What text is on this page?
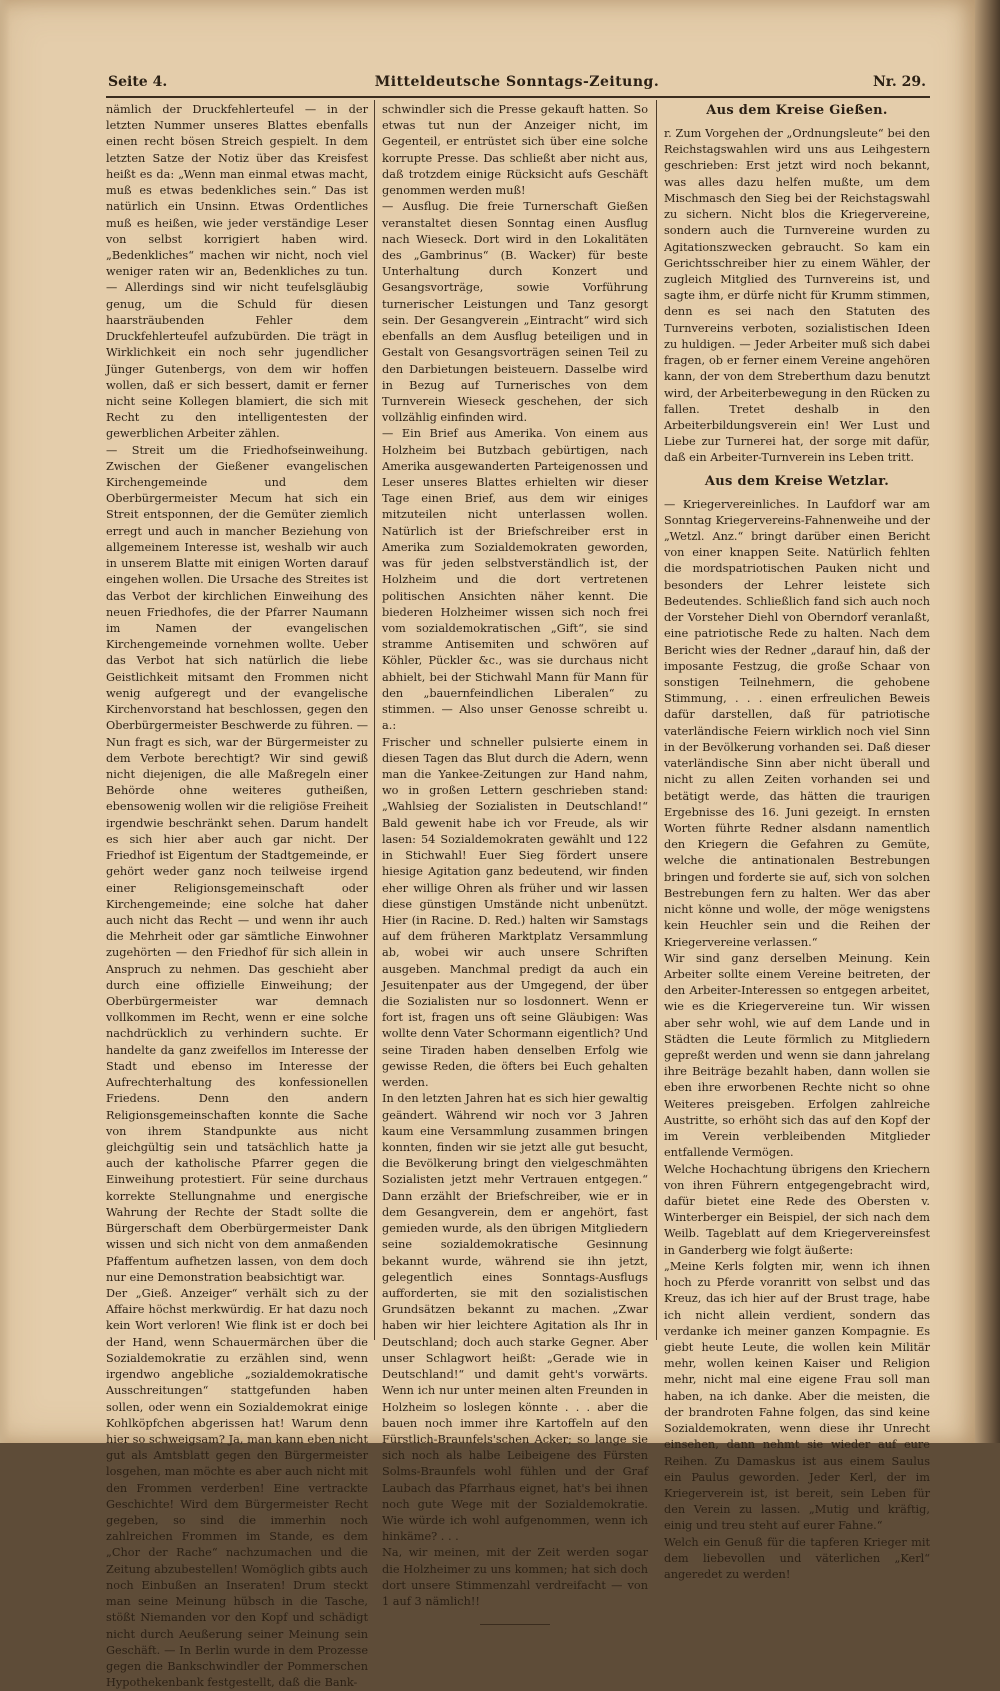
Seite 4.	Mitteldeutsche Sonntags-Zeitung.	Nr. 29.

nämlich der Druckfehlerteufel — in der letzten Nummer unseres Blattes ebenfalls einen recht bösen Streich gespielt. In dem letzten Satze der Notiz über das Kreisfest heißt es da: „Wenn man einmal etwas macht, muß es etwas bedenkliches sein.“ Das ist natürlich ein Unsinn. Etwas Ordentliches muß es heißen, wie jeder verständige Leser von selbst korrigiert haben wird. „Bedenkliches“ machen wir nicht, noch viel weniger raten wir an, Bedenkliches zu tun. — Allerdings sind wir nicht teufelsgläubig genug, um die Schuld für diesen haarsträubenden Fehler dem Druckfehlerteufel aufzubürden. Die trägt in Wirklichkeit ein noch sehr jugendlicher Jünger Gutenbergs, von dem wir hoffen wollen, daß er sich bessert, damit er ferner nicht seine Kollegen blamiert, die sich mit Recht zu den intelligentesten der gewerblichen Arbeiter zählen.

— Streit um die Friedhofseinweihung. Zwischen der Gießener evangelischen Kirchengemeinde und dem Oberbürgermeister Mecum hat sich ein Streit entsponnen, der die Gemüter ziemlich erregt und auch in mancher Beziehung von allgemeinem Interesse ist, weshalb wir auch in unserem Blatte mit einigen Worten darauf eingehen wollen. Die Ursache des Streites ist das Verbot der kirchlichen Einweihung des neuen Friedhofes, die der Pfarrer Naumann im Namen der evangelischen Kirchengemeinde vornehmen wollte. Ueber das Verbot hat sich natürlich die liebe Geistlichkeit mitsamt den Frommen nicht wenig aufgeregt und der evangelische Kirchenvorstand hat beschlossen, gegen den Oberbürgermeister Beschwerde zu führen. — Nun fragt es sich, war der Bürgermeister zu dem Verbote berechtigt? Wir sind gewiß nicht diejenigen, die alle Maßregeln einer Behörde ohne weiteres gutheißen, ebensowenig wollen wir die religiöse Freiheit irgendwie beschränkt sehen. Darum handelt es sich hier aber auch gar nicht. Der Friedhof ist Eigentum der Stadtgemeinde, er gehört weder ganz noch teilweise irgend einer Religionsgemeinschaft oder Kirchengemeinde; eine solche hat daher auch nicht das Recht — und wenn ihr auch die Mehrheit oder gar sämtliche Einwohner zugehörten — den Friedhof für sich allein in Anspruch zu nehmen. Das geschieht aber durch eine offizielle Einweihung; der Oberbürgermeister war demnach vollkommen im Recht, wenn er eine solche nachdrücklich zu verhindern suchte. Er handelte da ganz zweifellos im Interesse der Stadt und ebenso im Interesse der Aufrechterhaltung des konfessionellen Friedens. Denn den andern Religionsgemeinschaften konnte die Sache von ihrem Standpunkte aus nicht gleichgültig sein und tatsächlich hatte ja auch der katholische Pfarrer gegen die Einweihung protestiert. Für seine durchaus korrekte Stellungnahme und energische Wahrung der Rechte der Stadt sollte die Bürgerschaft dem Oberbürgermeister Dank wissen und sich nicht von dem anmaßenden Pfaffentum aufhetzen lassen, von dem doch nur eine Demonstration beabsichtigt war.

Der „Gieß. Anzeiger“ verhält sich zu der Affaire höchst merkwürdig. Er hat dazu noch kein Wort verloren! Wie flink ist er doch bei der Hand, wenn Schauermärchen über die Sozialdemokratie zu erzählen sind, wenn irgendwo angebliche „sozialdemokratische Ausschreitungen“ stattgefunden haben sollen, oder wenn ein Sozialdemokrat einige Kohlköpfchen abgerissen hat! Warum denn hier so schweigsam? Ja, man kann eben nicht gut als Amtsblatt gegen den Bürgermeister losgehen, man möchte es aber auch nicht mit den Frommen verderben! Eine vertrackte Geschichte! Wird dem Bürgermeister Recht gegeben, so sind die immerhin noch zahlreichen Frommen im Stande, es dem „Chor der Rache“ nachzumachen und die Zeitung abzubestellen! Womöglich gibts auch noch Einbußen an Inseraten! Drum steckt man seine Meinung hübsch in die Tasche, stößt Niemanden vor den Kopf und schädigt nicht durch Aeußerung seiner Meinung sein Geschäft. — In Berlin wurde in dem Prozesse gegen die Bankschwindler der Pommerschen Hypothekenbank festgestellt, daß die Bank-

schwindler sich die Presse gekauft hatten. So etwas tut nun der Anzeiger nicht, im Gegenteil, er entrüstet sich über eine solche korrupte Presse. Das schließt aber nicht aus, daß trotzdem einige Rücksicht aufs Geschäft genommen werden muß!

— Ausflug. Die freie Turnerschaft Gießen veranstaltet diesen Sonntag einen Ausflug nach Wieseck. Dort wird in den Lokalitäten des „Gambrinus“ (B. Wacker) für beste Unterhaltung durch Konzert und Gesangsvorträge, sowie Vorführung turnerischer Leistungen und Tanz gesorgt sein. Der Gesangverein „Eintracht“ wird sich ebenfalls an dem Ausflug beteiligen und in Gestalt von Gesangsvorträgen seinen Teil zu den Darbietungen beisteuern. Dasselbe wird in Bezug auf Turnerisches von dem Turnverein Wieseck geschehen, der sich vollzählig einfinden wird.

— Ein Brief aus Amerika. Von einem aus Holzheim bei Butzbach gebürtigen, nach Amerika ausgewanderten Parteigenossen und Leser unseres Blattes erhielten wir dieser Tage einen Brief, aus dem wir einiges mitzuteilen nicht unterlassen wollen. Natürlich ist der Briefschreiber erst in Amerika zum Sozialdemokraten geworden, was für jeden selbstverständlich ist, der Holzheim und die dort vertretenen politischen Ansichten näher kennt. Die biederen Holzheimer wissen sich noch frei vom sozialdemokratischen „Gift“, sie sind stramme Antisemiten und schwören auf Köhler, Pückler &c., was sie durchaus nicht abhielt, bei der Stichwahl Mann für Mann für den „bauernfeindlichen Liberalen“ zu stimmen. — Also unser Genosse schreibt u. a.:

Frischer und schneller pulsierte einem in diesen Tagen das Blut durch die Adern, wenn man die Yankee-Zeitungen zur Hand nahm, wo in großen Lettern geschrieben stand: „Wahlsieg der Sozialisten in Deutschland!“ Bald gewenit habe ich vor Freude, als wir lasen: 54 Sozialdemokraten gewählt und 122 in Stichwahl! Euer Sieg fördert unsere hiesige Agitation ganz bedeutend, wir finden eher willige Ohren als früher und wir lassen diese günstigen Umstände nicht unbenützt. Hier (in Racine. D. Red.) halten wir Samstags auf dem früheren Marktplatz Versammlung ab, wobei wir auch unsere Schriften ausgeben. Manchmal predigt da auch ein Jesuitenpater aus der Umgegend, der über die Sozialisten nur so losdonnert. Wenn er fort ist, fragen uns oft seine Gläubigen: Was wollte denn Vater Schormann eigentlich? Und seine Tiraden haben denselben Erfolg wie gewisse Reden, die öfters bei Euch gehalten werden.

In den letzten Jahren hat es sich hier gewaltig geändert. Während wir noch vor 3 Jahren kaum eine Versammlung zusammen bringen konnten, finden wir sie jetzt alle gut besucht, die Bevölkerung bringt den vielgeschmähten Sozialisten jetzt mehr Vertrauen entgegen.“ Dann erzählt der Briefschreiber, wie er in dem Gesangverein, dem er angehört, fast gemieden wurde, als den übrigen Mitgliedern seine sozialdemokratische Gesinnung bekannt wurde, während sie ihn jetzt, gelegentlich eines Sonntags-Ausflugs aufforderten, sie mit den sozialistischen Grundsätzen bekannt zu machen. „Zwar haben wir hier leichtere Agitation als Ihr in Deutschland; doch auch starke Gegner. Aber unser Schlagwort heißt: „Gerade wie in Deutschland!“ und damit geht's vorwärts. Wenn ich nur unter meinen alten Freunden in Holzheim so loslegen könnte . . . aber die bauen noch immer ihre Kartoffeln auf den Fürstlich-Braunfels'schen Acker; so lange sie sich noch als halbe Leibeigene des Fürsten Solms-Braunfels wohl fühlen und der Graf Laubach das Pfarrhaus eignet, hat's bei ihnen noch gute Wege mit der Sozialdemokratie. Wie würde ich wohl aufgenommen, wenn ich hinkäme? . . .

Na, wir meinen, mit der Zeit werden sogar die Holzheimer zu uns kommen; hat sich doch dort unsere Stimmenzahl verdreifacht — von 1 auf 3 nämlich!!

Aus dem Kreise Gießen.

r. Zum Vorgehen der „Ordnungsleute“ bei den Reichstagswahlen wird uns aus Leihgestern geschrieben: Erst jetzt wird noch bekannt, was alles dazu helfen mußte, um dem Mischmasch den Sieg bei der Reichstagswahl zu sichern. Nicht blos die Kriegervereine, sondern auch die Turnvereine wurden zu Agitationszwecken gebraucht. So kam ein Gerichtsschreiber hier zu einem Wähler, der zugleich Mitglied des Turnvereins ist, und sagte ihm, er dürfe nicht für Krumm stimmen, denn es sei nach den Statuten des Turnvereins verboten, sozialistischen Ideen zu huldigen. — Jeder Arbeiter muß sich dabei fragen, ob er ferner einem Vereine angehören kann, der von dem Streberthum dazu benutzt wird, der Arbeiterbewegung in den Rücken zu fallen. Tretet deshalb in den Arbeiterbildungsverein ein! Wer Lust und Liebe zur Turnerei hat, der sorge mit dafür, daß ein Arbeiter-Turnverein ins Leben tritt.

Aus dem Kreise Wetzlar.

— Kriegervereinliches. In Laufdorf war am Sonntag Kriegervereins-Fahnenweihe und der „Wetzl. Anz.“ bringt darüber einen Bericht von einer knappen Seite. Natürlich fehlten die mordspatriotischen Pauken nicht und besonders der Lehrer leistete sich Bedeutendes. Schließlich fand sich auch noch der Vorsteher Diehl von Oberndorf veranlaßt, eine patriotische Rede zu halten. Nach dem Bericht wies der Redner „darauf hin, daß der imposante Festzug, die große Schaar von sonstigen Teilnehmern, die gehobene Stimmung, . . . einen erfreulichen Beweis dafür darstellen, daß für patriotische vaterländische Feiern wirklich noch viel Sinn in der Bevölkerung vorhanden sei. Daß dieser vaterländische Sinn aber nicht überall und nicht zu allen Zeiten vorhanden sei und betätigt werde, das hätten die traurigen Ergebnisse des 16. Juni gezeigt. In ernsten Worten führte Redner alsdann namentlich den Kriegern die Gefahren zu Gemüte, welche die antinationalen Bestrebungen bringen und forderte sie auf, sich von solchen Bestrebungen fern zu halten. Wer das aber nicht könne und wolle, der möge wenigstens kein Heuchler sein und die Reihen der Kriegervereine verlassen.“

Wir sind ganz derselben Meinung. Kein Arbeiter sollte einem Vereine beitreten, der den Arbeiter-Interessen so entgegen arbeitet, wie es die Kriegervereine tun. Wir wissen aber sehr wohl, wie auf dem Lande und in Städten die Leute förmlich zu Mitgliedern gepreßt werden und wenn sie dann jahrelang ihre Beiträge bezahlt haben, dann wollen sie eben ihre erworbenen Rechte nicht so ohne Weiteres preisgeben. Erfolgen zahlreiche Austritte, so erhöht sich das auf den Kopf der im Verein verbleibenden Mitglieder entfallende Vermögen.

Welche Hochachtung übrigens den Kriechern von ihren Führern entgegengebracht wird, dafür bietet eine Rede des Obersten v. Winterberger ein Beispiel, der sich nach dem Weilb. Tageblatt auf dem Kriegervereinsfest in Ganderberg wie folgt äußerte:

„Meine Kerls folgten mir, wenn ich ihnen hoch zu Pferde voranritt von selbst und das Kreuz, das ich hier auf der Brust trage, habe ich nicht allein verdient, sondern das verdanke ich meiner ganzen Kompagnie. Es giebt heute Leute, die wollen kein Militär mehr, wollen keinen Kaiser und Religion mehr, nicht mal eine eigene Frau soll man haben, na ich danke. Aber die meisten, die der brandroten Fahne folgen, das sind keine Sozialdemokraten, wenn diese ihr Unrecht einsehen, dann nehmt sie wieder auf eure Reihen. Zu Damaskus ist aus einem Saulus ein Paulus geworden. Jeder Kerl, der im Kriegerverein ist, ist bereit, sein Leben für den Verein zu lassen. „Mutig und kräftig, einig und treu steht auf eurer Fahne.“

Welch ein Genuß für die tapferen Krieger mit dem liebevollen und väterlichen „Kerl“ angeredet zu werden!
